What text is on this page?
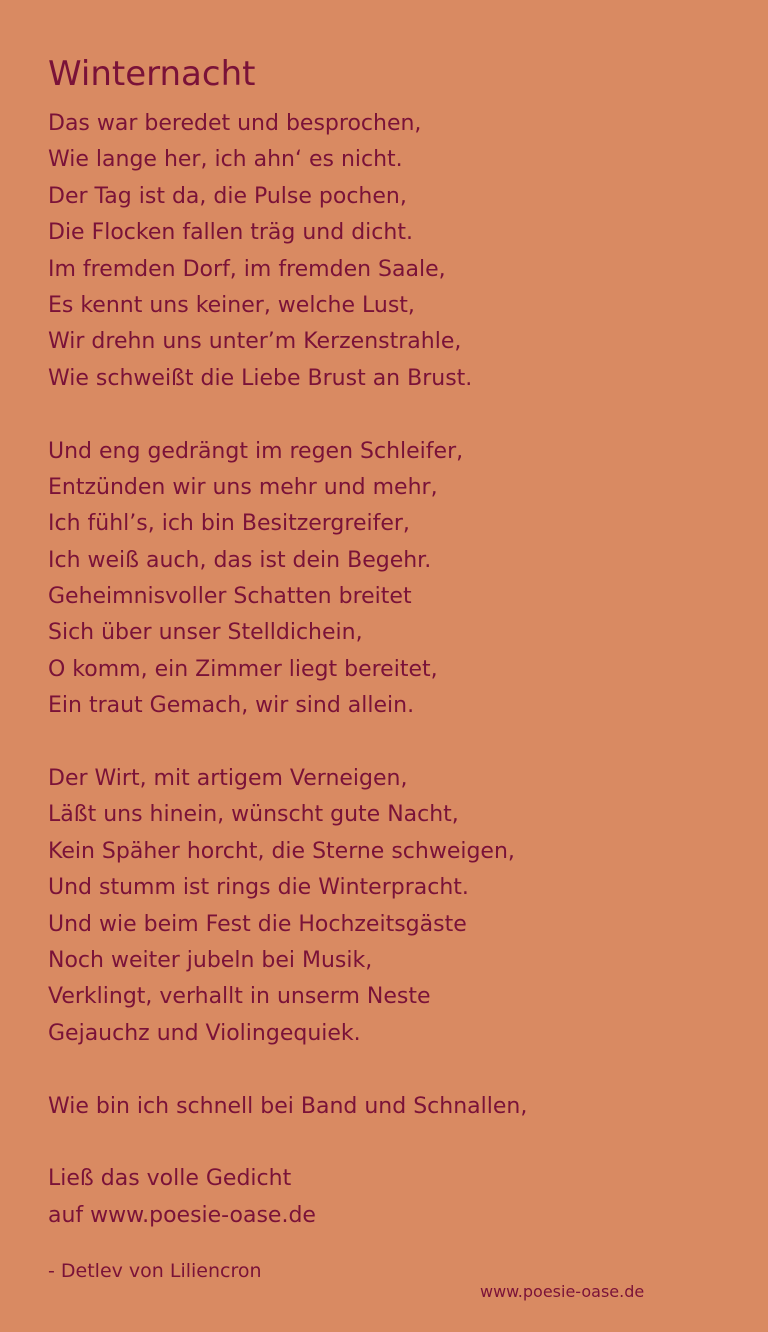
Winternacht
Das war beredet und besprochen,
Wie lange her, ich ahn‘ es nicht.
Der Tag ist da, die Pulse pochen,
Die Flocken fallen träg und dicht.
Im fremden Dorf, im fremden Saale,
Es kennt uns keiner, welche Lust,
Wir drehn uns unter’m Kerzenstrahle,
Wie schweißt die Liebe Brust an Brust.
Und eng gedrängt im regen Schleifer,
Entzünden wir uns mehr und mehr,
Ich fühl’s, ich bin Besitzergreifer,
Ich weiß auch, das ist dein Begehr.
Geheimnisvoller Schatten breitet
Sich über unser Stelldichein,
O komm, ein Zimmer liegt bereitet,
Ein traut Gemach, wir sind allein.
Der Wirt, mit artigem Verneigen,
Läßt uns hinein, wünscht gute Nacht,
Kein Späher horcht, die Sterne schweigen,
Und stumm ist rings die Winterpracht.
Und wie beim Fest die Hochzeitsgäste
Noch weiter jubeln bei Musik,
Verklingt, verhallt in unserm Neste
Gejauchz und Violingequiek.
Wie bin ich schnell bei Band und Schnallen,
Ließ das volle Gedicht
auf www.poesie-oase.de
- Detlev von Liliencron
www.poesie-oase.de
